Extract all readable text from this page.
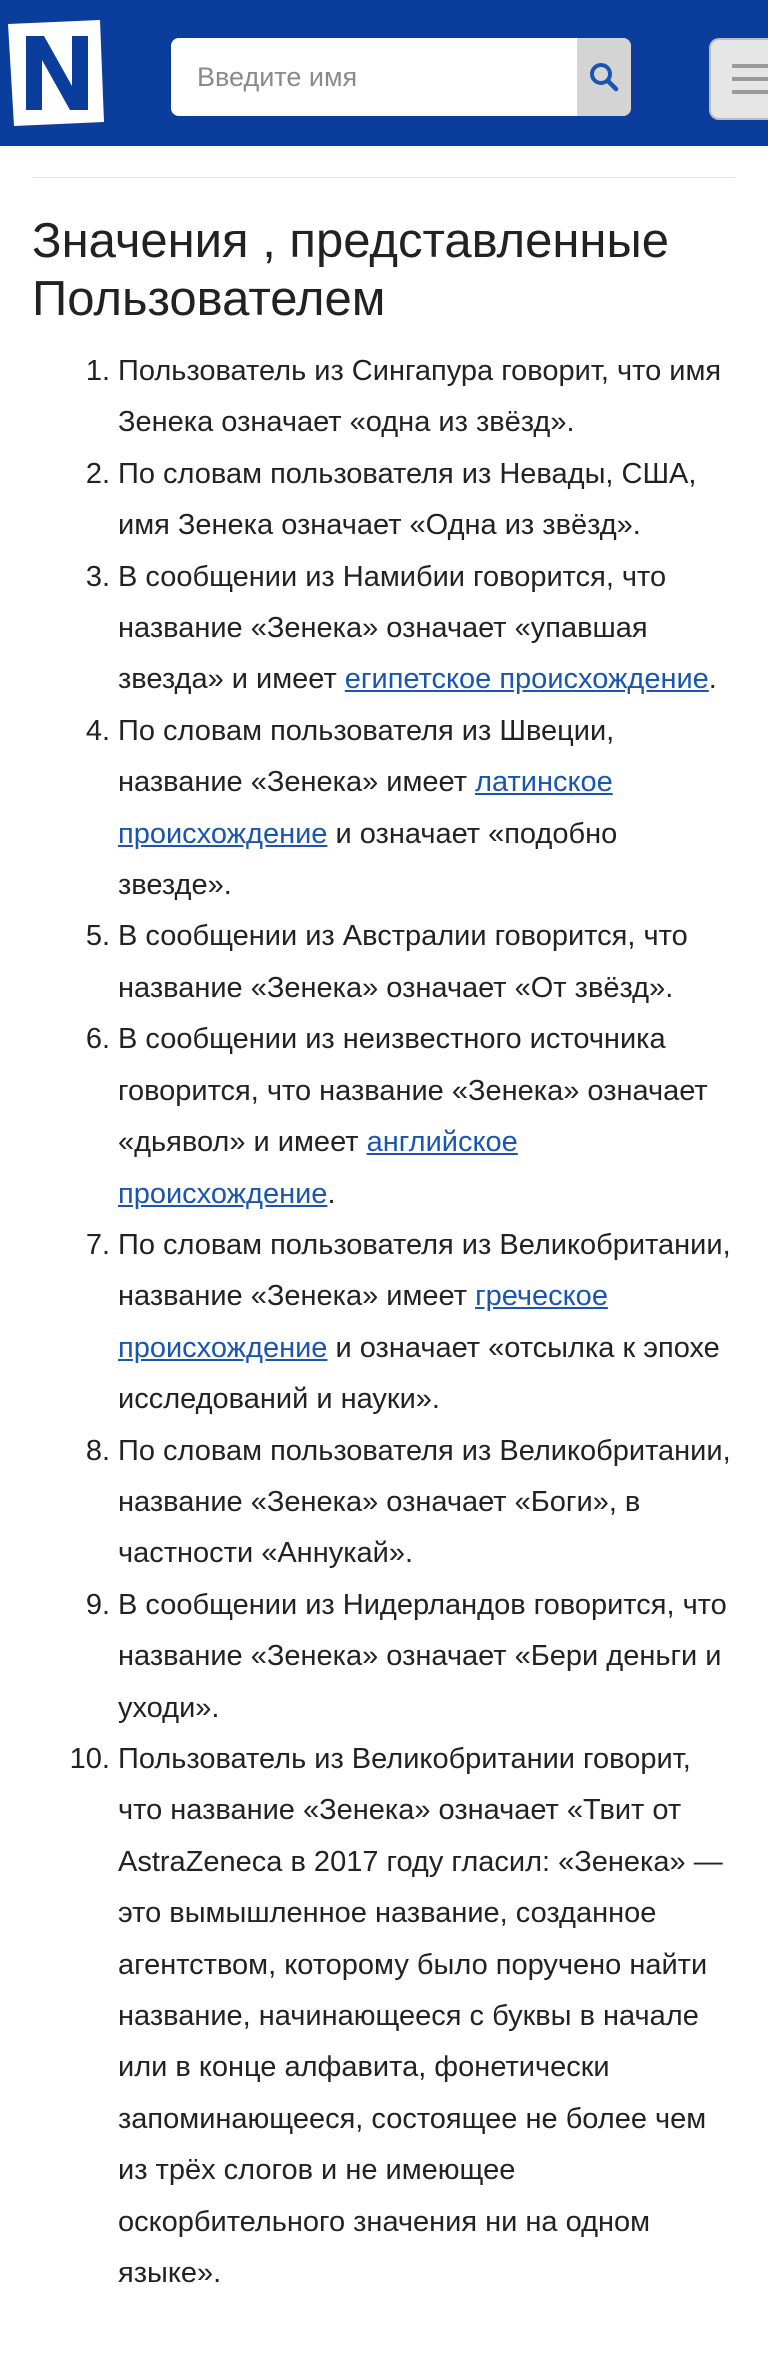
Введите имя
Значения , представленные Пользователем
1. Пользователь из Сингапура говорит, что имя Зенека означает «одна из звёзд».
2. По словам пользователя из Невады, США, имя Зенека означает «Одна из звёзд».
3. В сообщении из Намибии говорится, что название «Зенека» означает «упавшая звезда» и имеет египетское происхождение.
4. По словам пользователя из Швеции, название «Зенека» имеет латинское происхождение и означает «подобно звезде».
5. В сообщении из Австралии говорится, что название «Зенека» означает «От звёзд».
6. В сообщении из неизвестного источника говорится, что название «Зенека» означает «дьявол» и имеет английское происхождение.
7. По словам пользователя из Великобритании, название «Зенека» имеет греческое происхождение и означает «отсылка к эпохе исследований и науки».
8. По словам пользователя из Великобритании, название «Зенека» означает «Боги», в частности «Аннукай».
9. В сообщении из Нидерландов говорится, что название «Зенека» означает «Бери деньги и уходи».
10. Пользователь из Великобритании говорит, что название «Зенека» означает «Твит от AstraZeneca в 2017 году гласил: «Зенека» — это вымышленное название, созданное агентством, которому было поручено найти название, начинающееся с буквы в начале или в конце алфавита, фонетически запоминающееся, состоящее не более чем из трёх слогов и не имеющее оскорбительного значения ни на одном языке».
